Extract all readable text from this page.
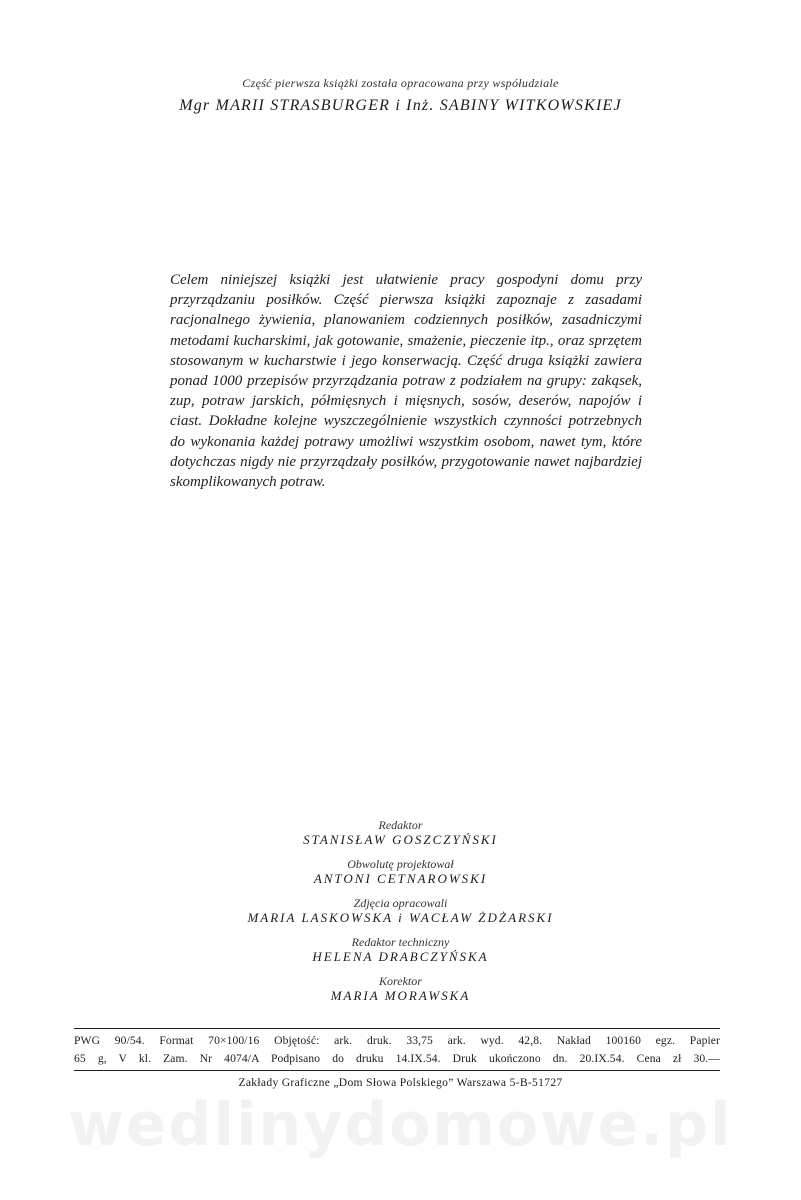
Część pierwsza książki została opracowana przy współudziale
Mgr MARII STRASBURGER i Inż. SABINY WITKOWSKIEJ
Celem niniejszej książki jest ułatwienie pracy gospodyni domu przy przyrządzaniu posiłków. Część pierwsza książki zapoznaje z zasadami racjonalnego żywienia, planowaniem codziennych posiłków, zasadniczymi metodami kucharskimi, jak gotowanie, smażenie, pieczenie itp., oraz sprzętem stosowanym w kucharstwie i jego konserwacją. Część druga książki zawiera ponad 1000 przepisów przyrządzania potraw z podziałem na grupy: zakąsek, zup, potraw jarskich, półmięsnych i mięsnych, sosów, deserów, napojów i ciast. Dokładne kolejne wyszczególnienie wszystkich czynności potrzebnych do wykonania każdej potrawy umożliwi wszystkim osobom, nawet tym, które dotychczas nigdy nie przyrządzały posiłków, przygotowanie nawet najbardziej skomplikowanych potraw.
Redaktor
STANISŁAW GOSZCZYŃSKI
Obwolutę projektował
ANTONI CETNAROWSKI
Zdjęcia opracowali
MARIA LASKOWSKA i WACŁAW ŻDŻARSKI
Redaktor techniczny
HELENA DRABCZYŃSKA
Korektor
MARIA MORAWSKA
PWG 90/54. Format 70×100/16 Objętość: ark. druk. 33,75 ark. wyd. 42,8. Nakład 100160 egz. Papier
65 g, V kl. Zam. Nr 4074/A Podpisano do druku 14.IX.54. Druk ukończono dn. 20.IX.54. Cena zł 30.—
Zakłady Graficzne „Dom Słowa Polskiego” Warszawa 5-B-51727
wedlinydomowe.pl
